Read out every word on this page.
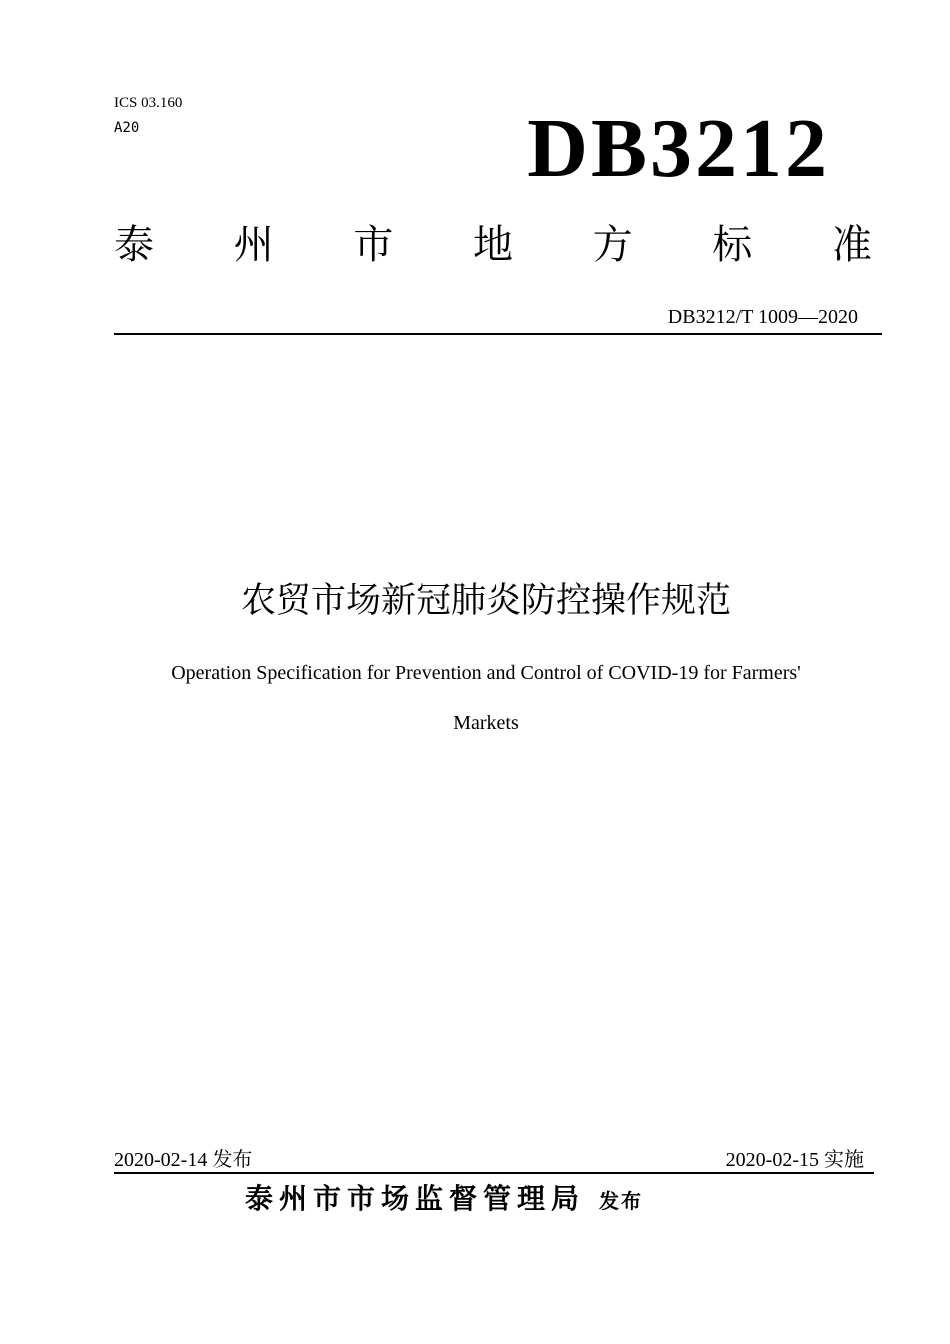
ICS 03.160
A20	DB3212
泰 州 市 地 方 标 准
DB3212/T 1009—2020
农贸市场新冠肺炎防控操作规范
Operation Specification for Prevention and Control of COVID-19 for Farmers'
Markets
2020-02-14 发布	2020-02-15 实施
泰州市市场监督管理局 发布
